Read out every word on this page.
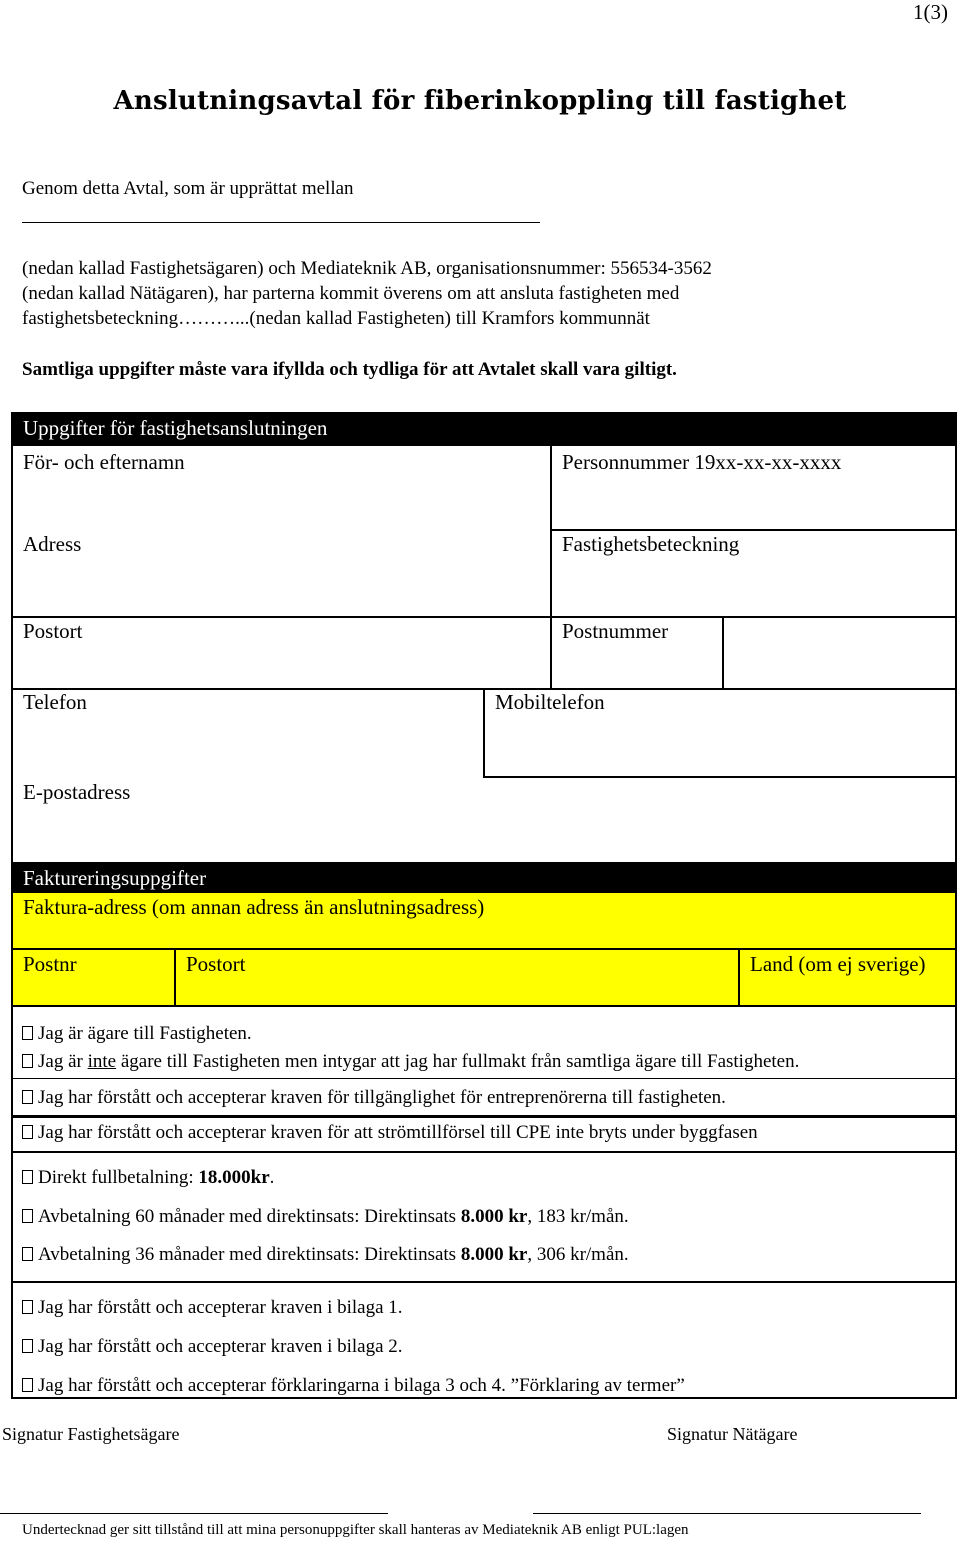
1(3)
Anslutningsavtal för fiberinkoppling till fastighet
Genom detta Avtal, som är upprättat mellan
(nedan kallad Fastighetsägaren) och Mediateknik AB, organisationsnummer: 556534-3562
(nedan kallad Nätägaren), har parterna kommit överens om att ansluta fastigheten med
fastighetsbeteckning………...(nedan kallad Fastigheten) till Kramfors kommunnät
Samtliga uppgifter måste vara ifyllda och tydliga för att Avtalet skall vara giltigt.
Uppgifter för fastighetsanslutningen
För- och efternamn	Personnummer 19xx-xx-xx-xxxx
Adress	Fastighetsbeteckning
Postort	Postnummer
Telefon	Mobiltelefon
E-postadress
Faktureringsuppgifter
Faktura-adress (om annan adress än anslutningsadress)
Postnr	Postort	Land (om ej sverige)
Jag är ägare till Fastigheten.
Jag är inte ägare till Fastigheten men intygar att jag har fullmakt från samtliga ägare till Fastigheten.
Jag har förstått och accepterar kraven för tillgänglighet för entreprenörerna till fastigheten.
Jag har förstått och accepterar kraven för att strömtillförsel till CPE inte bryts under byggfasen
Direkt fullbetalning: 18.000kr.
Avbetalning 60 månader med direktinsats: Direktinsats 8.000 kr, 183 kr/mån.
Avbetalning 36 månader med direktinsats: Direktinsats 8.000 kr, 306 kr/mån.
Jag har förstått och accepterar kraven i bilaga 1.
Jag har förstått och accepterar kraven i bilaga 2.
Jag har förstått och accepterar förklaringarna i bilaga 3 och 4. ”Förklaring av termer”
Signatur Fastighetsägare	Signatur Nätägare
Undertecknad ger sitt tillstånd till att mina personuppgifter skall hanteras av Mediateknik AB enligt PUL:lagen
